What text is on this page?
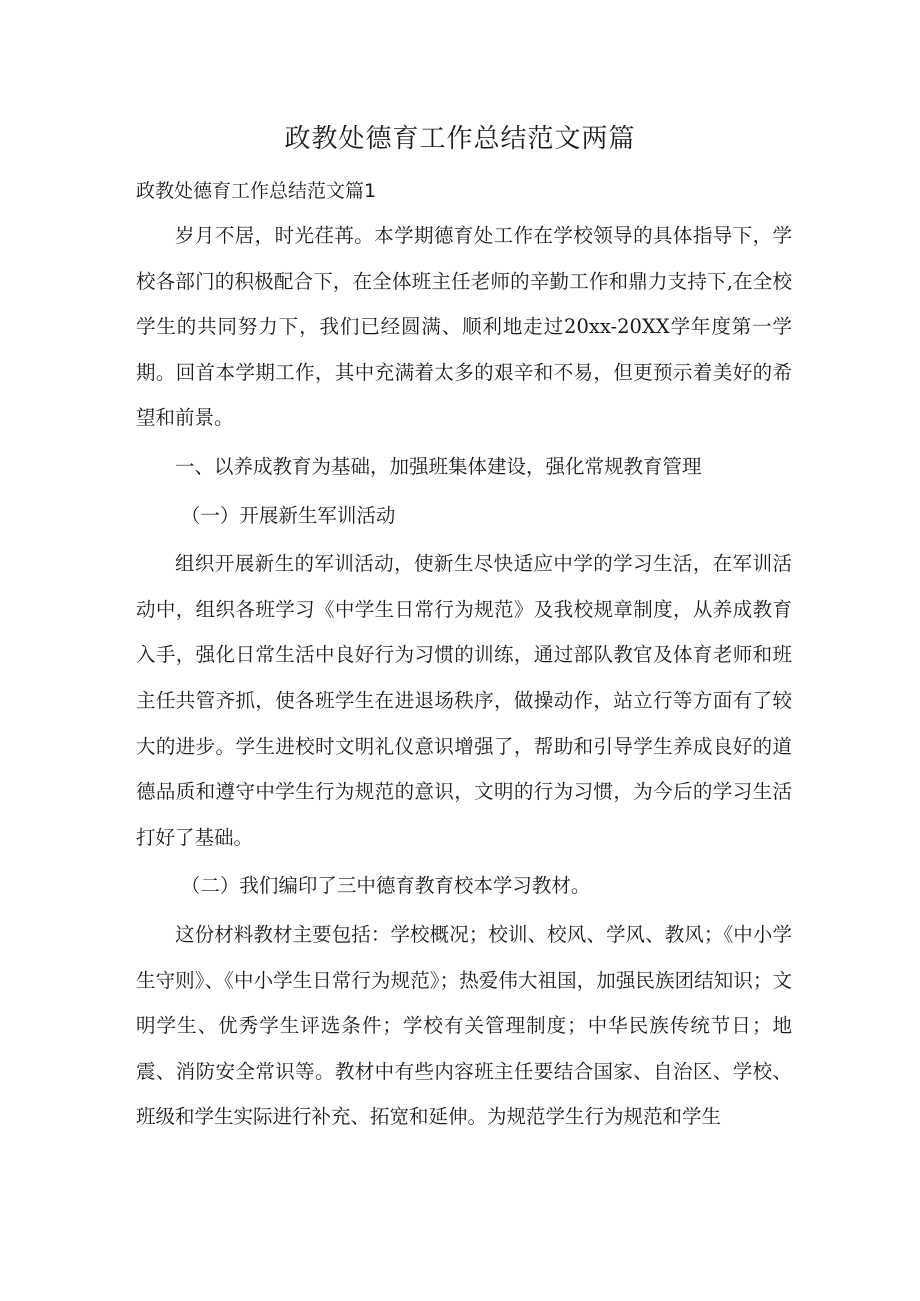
政教处德育工作总结范文两篇
政教处德育工作总结范文篇1

岁月不居，时光荏苒。本学期德育处工作在学校领导的具体指导下，学校各部门的积极配合下，在全体班主任老师的辛勤工作和鼎力支持下,在全校学生的共同努力下，我们已经圆满、顺利地走过20xx-20XX学年度第一学期。回首本学期工作，其中充满着太多的艰辛和不易，但更预示着美好的希望和前景。

一、以养成教育为基础，加强班集体建设，强化常规教育管理

（一）开展新生军训活动

组织开展新生的军训活动，使新生尽快适应中学的学习生活，在军训活动中，组织各班学习《中学生日常行为规范》及我校规章制度，从养成教育入手，强化日常生活中良好行为习惯的训练，通过部队教官及体育老师和班主任共管齐抓，使各班学生在进退场秩序，做操动作，站立行等方面有了较大的进步。学生进校时文明礼仪意识增强了，帮助和引导学生养成良好的道德品质和遵守中学生行为规范的意识，文明的行为习惯，为今后的学习生活打好了基础。

（二）我们编印了三中德育教育校本学习教材。

这份材料教材主要包括：学校概况；校训、校风、学风、教风；《中小学生守则》、《中小学生日常行为规范》；热爱伟大祖国，加强民族团结知识；文明学生、优秀学生评选条件；学校有关管理制度；中华民族传统节日；地震、消防安全常识等。教材中有些内容班主任要结合国家、自治区、学校、班级和学生实际进行补充、拓宽和延伸。为规范学生行为规范和学生
